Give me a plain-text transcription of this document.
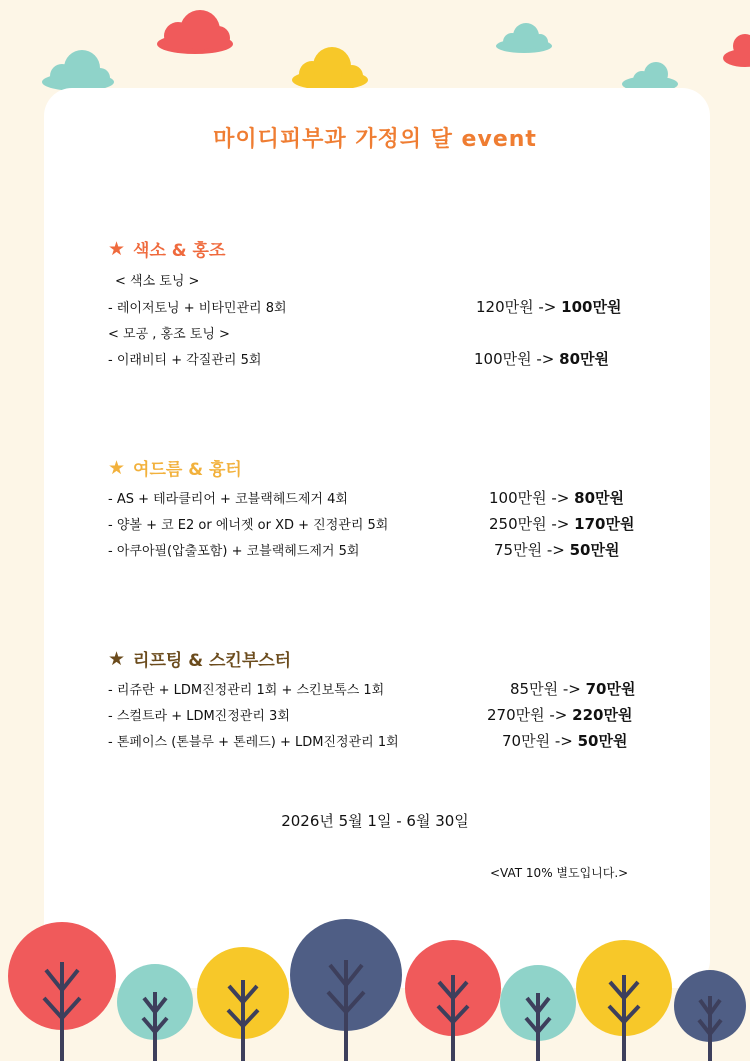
마이디피부과 가정의 달 event
★ 색소 & 홍조
< 색소 토닝 >
- 레이저토닝 + 비타민관리 8회	120만원 -> 100만원
< 모공 , 홍조 토닝 >
- 이래비티 + 각질관리 5회	100만원 -> 80만원
★ 여드름 & 흉터
- AS + 테라클리어 + 코블랙헤드제거 4회	100만원 -> 80만원
- 양볼 + 코 E2 or 에너젯 or XD + 진정관리 5회	250만원 -> 170만원
- 아쿠아필(압출포함) + 코블랙헤드제거 5회	75만원 -> 50만원
★ 리프팅 & 스킨부스터
- 리쥬란 + LDM진정관리 1회 + 스킨보톡스 1회	85만원 -> 70만원
- 스컬트라 + LDM진정관리 3회	270만원 -> 220만원
- 톤페이스 (톤블루 + 톤레드) + LDM진정관리 1회	70만원 -> 50만원
2026년 5월 1일 - 6월 30일
<VAT 10% 별도입니다.>
